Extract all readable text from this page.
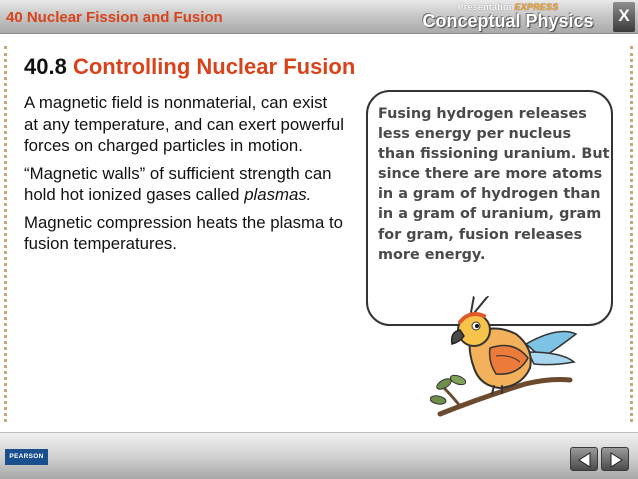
40 Nuclear Fission and Fusion
PresentationEXPRESS
Conceptual Physics	X
40.8 Controlling Nuclear Fusion

A magnetic field is nonmaterial, can exist at any temperature, and can exert powerful forces on charged particles in motion.

“Magnetic walls” of sufficient strength can hold hot ionized gases called plasmas.

Magnetic compression heats the plasma to fusion temperatures.

Fusing hydrogen releases less energy per nucleus than fissioning uranium. But since there are more atoms in a gram of hydrogen than in a gram of uranium, gram for gram, fusion releases more energy.
PEARSON
